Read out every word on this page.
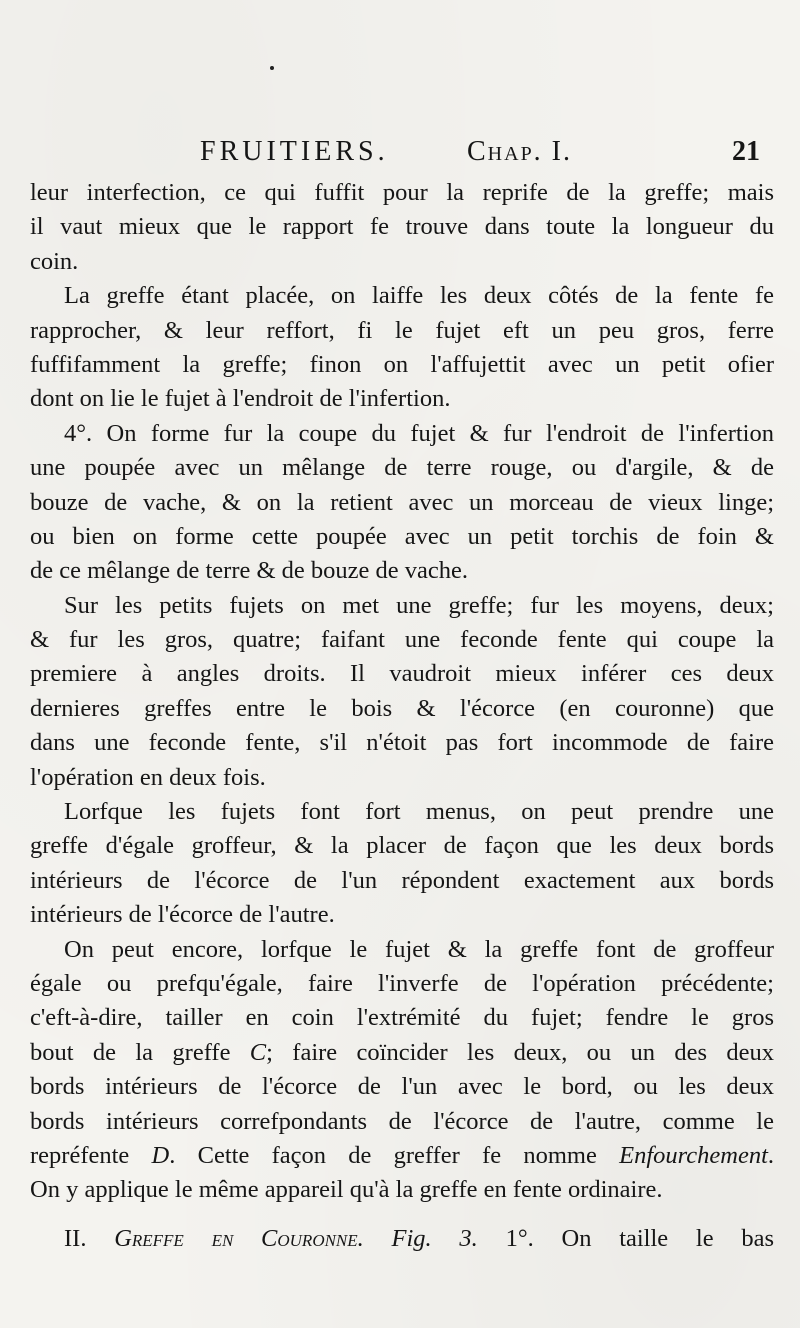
FRUITIERS.	Chap. I.	21
leur interfection, ce qui fuffit pour la reprife de la greffe; mais
il vaut mieux que le rapport fe trouve dans toute la longueur du
coin.
La greffe étant placée, on laiffe les deux côtés de la fente fe
rapprocher, & leur reffort, fi le fujet eft un peu gros, ferre
fuffifamment la greffe; finon on l'affujettit avec un petit ofier
dont on lie le fujet à l'endroit de l'infertion.
4°. On forme fur la coupe du fujet & fur l'endroit de l'infertion
une poupée avec un mêlange de terre rouge, ou d'argile, & de
bouze de vache, & on la retient avec un morceau de vieux linge;
ou bien on forme cette poupée avec un petit torchis de foin &
de ce mêlange de terre & de bouze de vache.
Sur les petits fujets on met une greffe; fur les moyens, deux;
& fur les gros, quatre; faifant une feconde fente qui coupe la
premiere à angles droits. Il vaudroit mieux inférer ces deux
dernieres greffes entre le bois & l'écorce (en couronne) que
dans une feconde fente, s'il n'étoit pas fort incommode de faire
l'opération en deux fois.
Lorfque les fujets font fort menus, on peut prendre une
greffe d'égale groffeur, & la placer de façon que les deux bords
intérieurs de l'écorce de l'un répondent exactement aux bords
intérieurs de l'écorce de l'autre.
On peut encore, lorfque le fujet & la greffe font de groffeur
égale ou prefqu'égale, faire l'inverfe de l'opération précédente;
c'eft-à-dire, tailler en coin l'extrémité du fujet; fendre le gros
bout de la greffe C; faire coïncider les deux, ou un des deux
bords intérieurs de l'écorce de l'un avec le bord, ou les deux
bords intérieurs correfpondants de l'écorce de l'autre, comme le
repréfente D. Cette façon de greffer fe nomme Enfourchement.
On y applique le même appareil qu'à la greffe en fente ordinaire.
II. Greffe en Couronne. Fig. 3. 1°. On taille le bas
